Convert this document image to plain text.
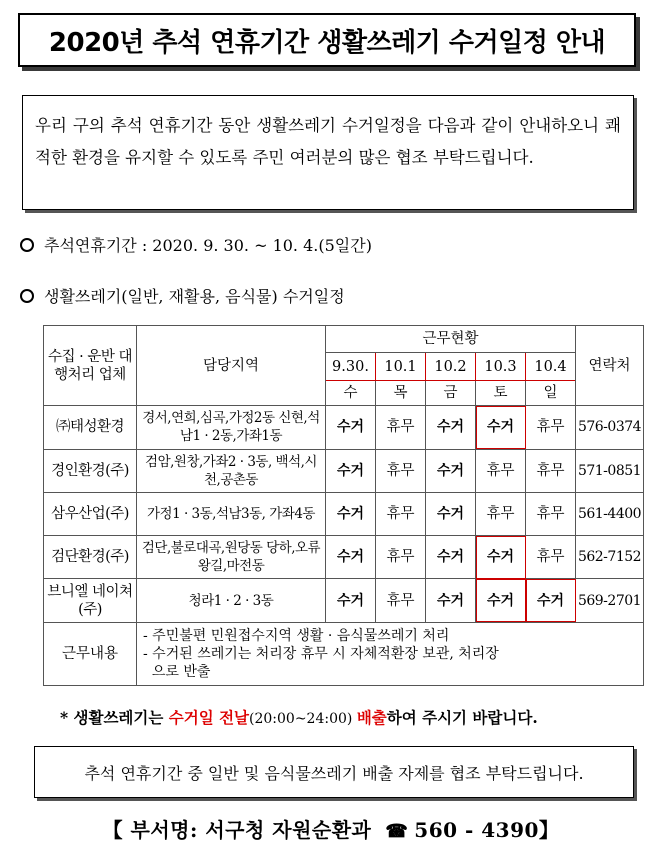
2020년 추석 연휴기간 생활쓰레기 수거일정 안내

우리 구의 추석 연휴기간 동안 생활쓰레기 수거일정을 다음과 같이 안내하오니 쾌적한 환경을 유지할 수 있도록 주민 여러분의 많은 협조 부탁드립니다.

추석연휴기간 : 2020. 9. 30. ~ 10. 4.(5일간)
생활쓰레기(일반, 재활용, 음식물) 수거일정
수집 · 운반 대행처리 업체	담당지역	근무현황					연락처
		9.30.	10.1	10.2	10.3	10.4	
		수	목	금	토	일	
㈜태성환경	경서,연희,심곡,가정2동 신현,석남1 · 2동,가좌1동	수거	휴무	수거	수거	휴무	576-0374
경인환경(주)	검암,원창,가좌2 · 3동, 백석,시천,공촌동	수거	휴무	수거	휴무	휴무	571-0851
삼우산업(주)	가정1 · 3동,석남3동, 가좌4동	수거	휴무	수거	휴무	휴무	561-4400
검단환경(주)	검단,불로대곡,원당동 당하,오류왕길,마전동	수거	휴무	수거	수거	휴무	562-7152
브니엘 네이쳐(주)	청라1 · 2 · 3동	수거	휴무	수거	수거	수거	569-2701
근무내용	- 주민불편 민원접수지역 생활 · 음식물쓰레기 처리
- 수거된 쓰레기는 처리장 휴무 시 자체적환장 보관, 처리장
으로 반출						
* 생활쓰레기는 수거일 전날(20:00~24:00) 배출하여 주시기 바랍니다.
추석 연휴기간 중 일반 및 음식물쓰레기 배출 자제를 협조 부탁드립니다.
【 부서명: 서구청 자원순환과 ☎ 560 - 4390】
